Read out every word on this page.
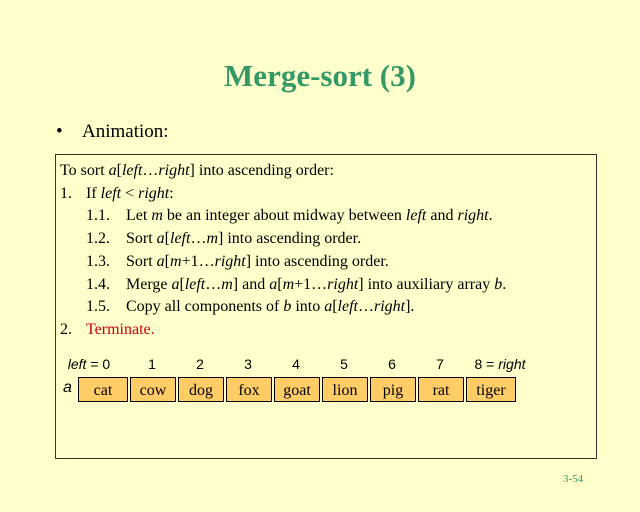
Merge-sort (3)
• Animation:
To sort a[left…right] into ascending order:
1. If left < right:
1.1. Let m be an integer about midway between left and right.
1.2. Sort a[left…m] into ascending order.
1.3. Sort a[m+1…right] into ascending order.
1.4. Merge a[left…m] and a[m+1…right] into auxiliary array b.
1.5. Copy all components of b into a[left…right].
2. Terminate.
left = 0	1	2	3	4	5	6	7	8 = right
a	cat	cow	dog	fox	goat	lion	pig	rat	tiger
3-54
